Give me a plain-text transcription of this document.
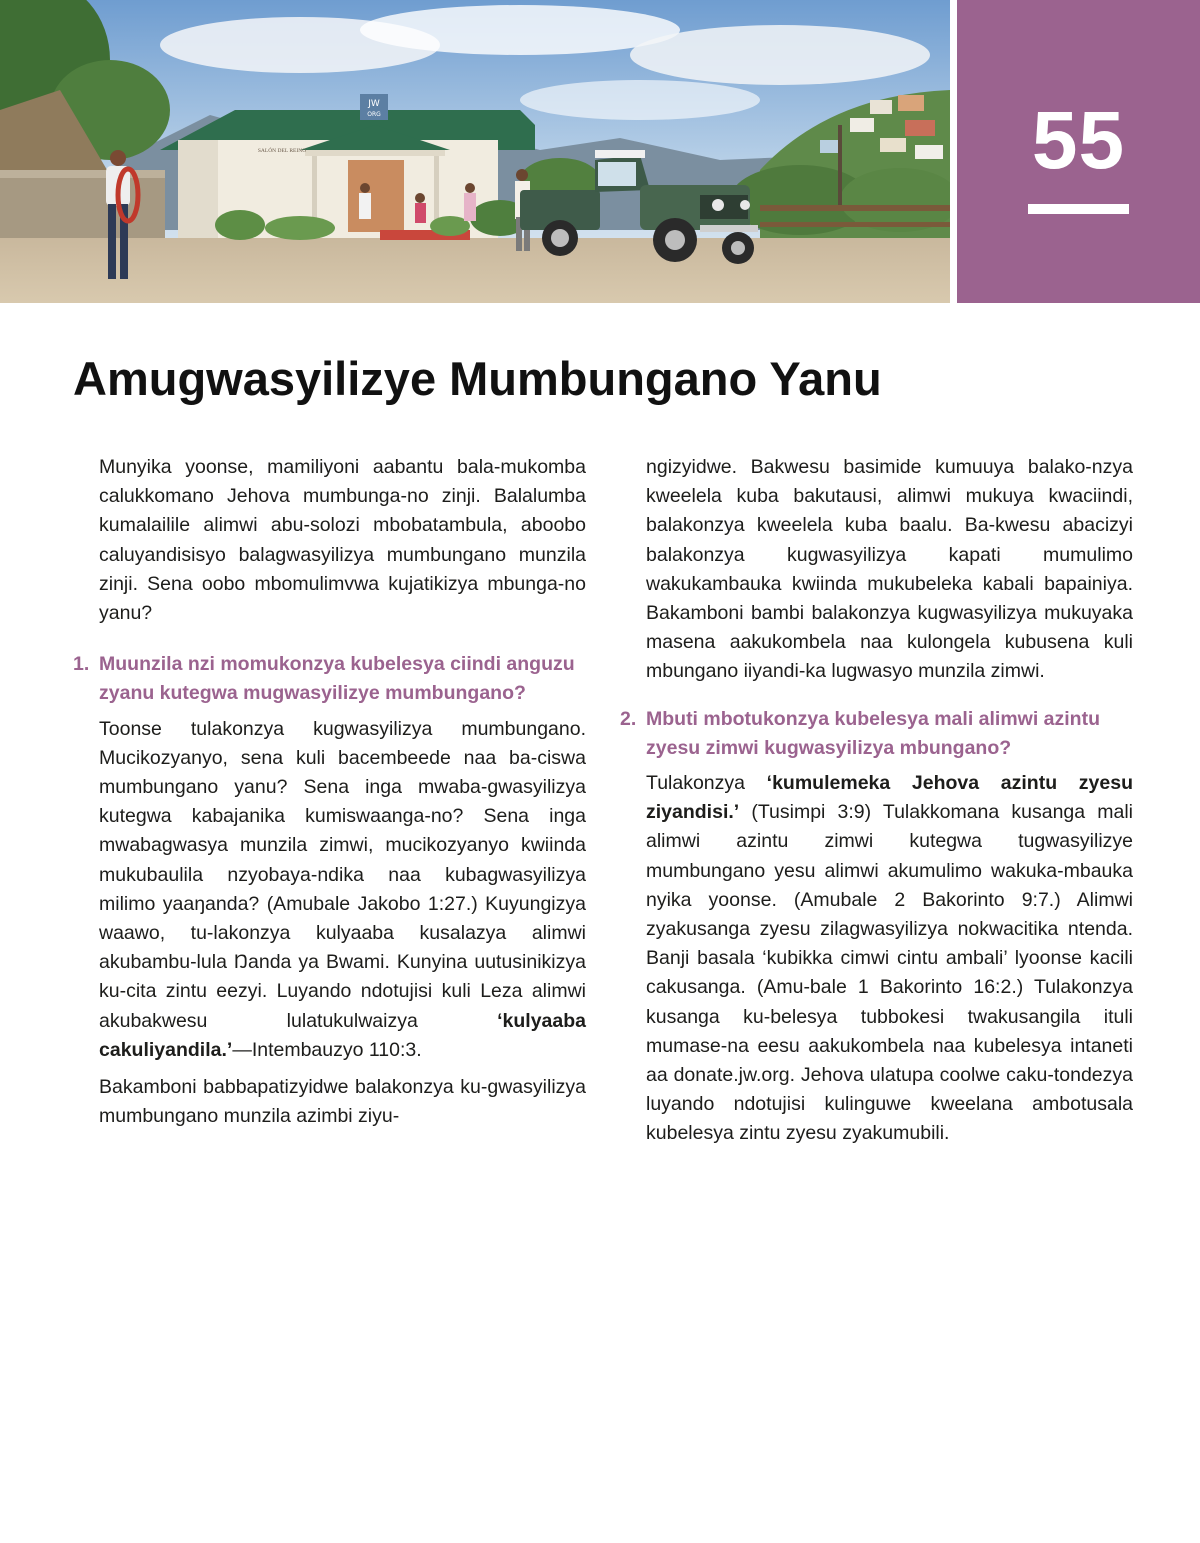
JW
ORG
SALÓN DEL REINO	55
Amugwasyilizye Mumbungano Yanu

Munyika yoonse, mamiliyoni aabantu bala-mukomba calukkomano Jehova mumbunga-no zinji. Balalumba kumalailile alimwi abu-solozi mbobatambula, aboobo caluyandisisyo balagwasyilizya mumbungano munzila zinji. Sena oobo mbomulimvwa kujatikizya mbunga-no yanu?

1. Muunzila nzi momukonzya kubelesya ciindi anguzu zyanu kutegwa mugwasyilizye mumbungano?

Toonse tulakonzya kugwasyilizya mumbungano. Mucikozyanyo, sena kuli bacembeede naa ba-ciswa mumbungano yanu? Sena inga mwaba-gwasyilizya kutegwa kabajanika kumiswaanga-no? Sena inga mwabagwasya munzila zimwi, mucikozyanyo kwiinda mukubaulila nzyobaya-ndika naa kubagwasyilizya milimo yaaŋanda? (Amubale Jakobo 1:27.) Kuyungizya waawo, tu-lakonzya kulyaaba kusalazya alimwi akubambu-lula Ŋanda ya Bwami. Kunyina uutusinikizya ku-cita zintu eezyi. Luyando ndotujisi kuli Leza alimwi akubakwesu lulatukulwaizya ‘kulyaaba cakuliyandila.’—Intembauzyo 110:3.

Bakamboni babbapatizyidwe balakonzya ku-gwasyilizya mumbungano munzila azimbi ziyu-

ngizyidwe. Bakwesu basimide kumuuya balako-nzya kweelela kuba bakutausi, alimwi mukuya kwaciindi, balakonzya kweelela kuba baalu. Ba-kwesu abacizyi balakonzya kugwasyilizya kapati mumulimo wakukambauka kwiinda mukubeleka kabali bapainiya. Bakamboni bambi balakonzya kugwasyilizya mukuyaka masena aakukombela naa kulongela kubusena kuli mbungano iiyandi-ka lugwasyo munzila zimwi.

2. Mbuti mbotukonzya kubelesya mali alimwi azintu zyesu zimwi kugwasyilizya mbungano?

Tulakonzya ‘kumulemeka Jehova azintu zyesu ziyandisi.’ (Tusimpi 3:9) Tulakkomana kusanga mali alimwi azintu zimwi kutegwa tugwasyilizye mumbungano yesu alimwi akumulimo wakuka-mbauka nyika yoonse. (Amubale 2 Bakorinto 9:7.) Alimwi zyakusanga zyesu zilagwasyilizya nokwacitika ntenda. Banji basala ‘kubikka cimwi cintu ambali’ lyoonse kacili cakusanga. (Amu-bale 1 Bakorinto 16:2.) Tulakonzya kusanga ku-belesya tubbokesi twakusangila ituli mumase-na eesu aakukombela naa kubelesya intaneti aa donate.jw.org. Jehova ulatupa coolwe caku-tondezya luyando ndotujisi kulinguwe kweelana ambotusala kubelesya zintu zyesu zyakumubili.
